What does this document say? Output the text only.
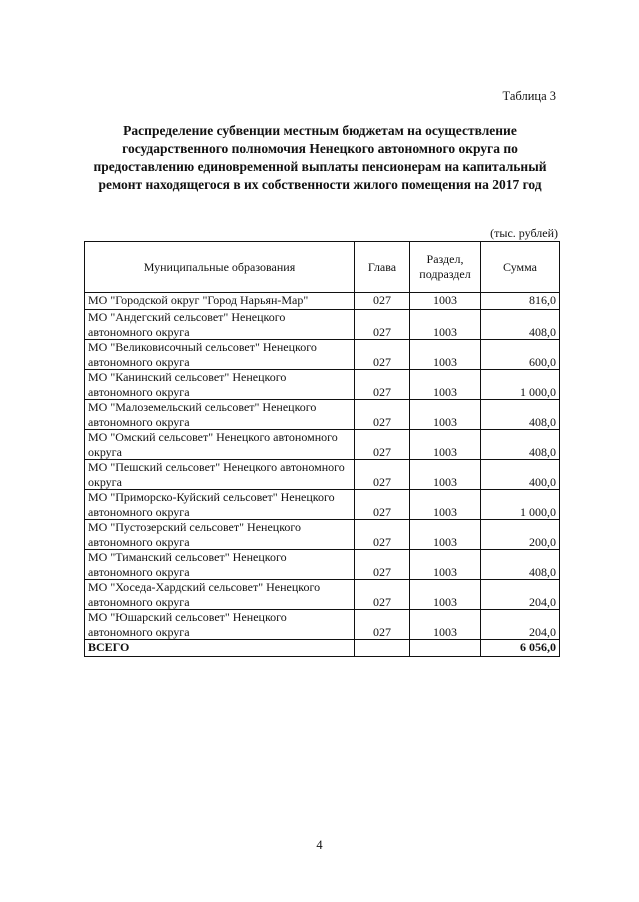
Таблица 3
Распределение субвенции местным бюджетам на осуществление государственного полномочия Ненецкого автономного округа по предоставлению единовременной выплаты пенсионерам на капитальный ремонт находящегося в их собственности жилого помещения на 2017 год
(тыс. рублей)
Муниципальные образования	Глава	Раздел, подраздел	Сумма
МО "Городской округ "Город Нарьян-Мар"	027	1003	816,0
МО "Андегский сельсовет" Ненецкого автономного округа	027	1003	408,0
МО "Великовисочный сельсовет" Ненецкого автономного округа	027	1003	600,0
МО "Канинский сельсовет" Ненецкого автономного округа	027	1003	1 000,0
МО "Малоземельский сельсовет" Ненецкого автономного округа	027	1003	408,0
МО "Омский сельсовет" Ненецкого автономного округа	027	1003	408,0
МО "Пешский сельсовет" Ненецкого автономного округа	027	1003	400,0
МО "Приморско-Куйский сельсовет" Ненецкого автономного округа	027	1003	1 000,0
МО "Пустозерский сельсовет" Ненецкого автономного округа	027	1003	200,0
МО "Тиманский сельсовет" Ненецкого автономного округа	027	1003	408,0
МО "Хоседа-Хардский сельсовет" Ненецкого автономного округа	027	1003	204,0
МО "Юшарский сельсовет" Ненецкого автономного округа	027	1003	204,0
ВСЕГО			6 056,0
4
